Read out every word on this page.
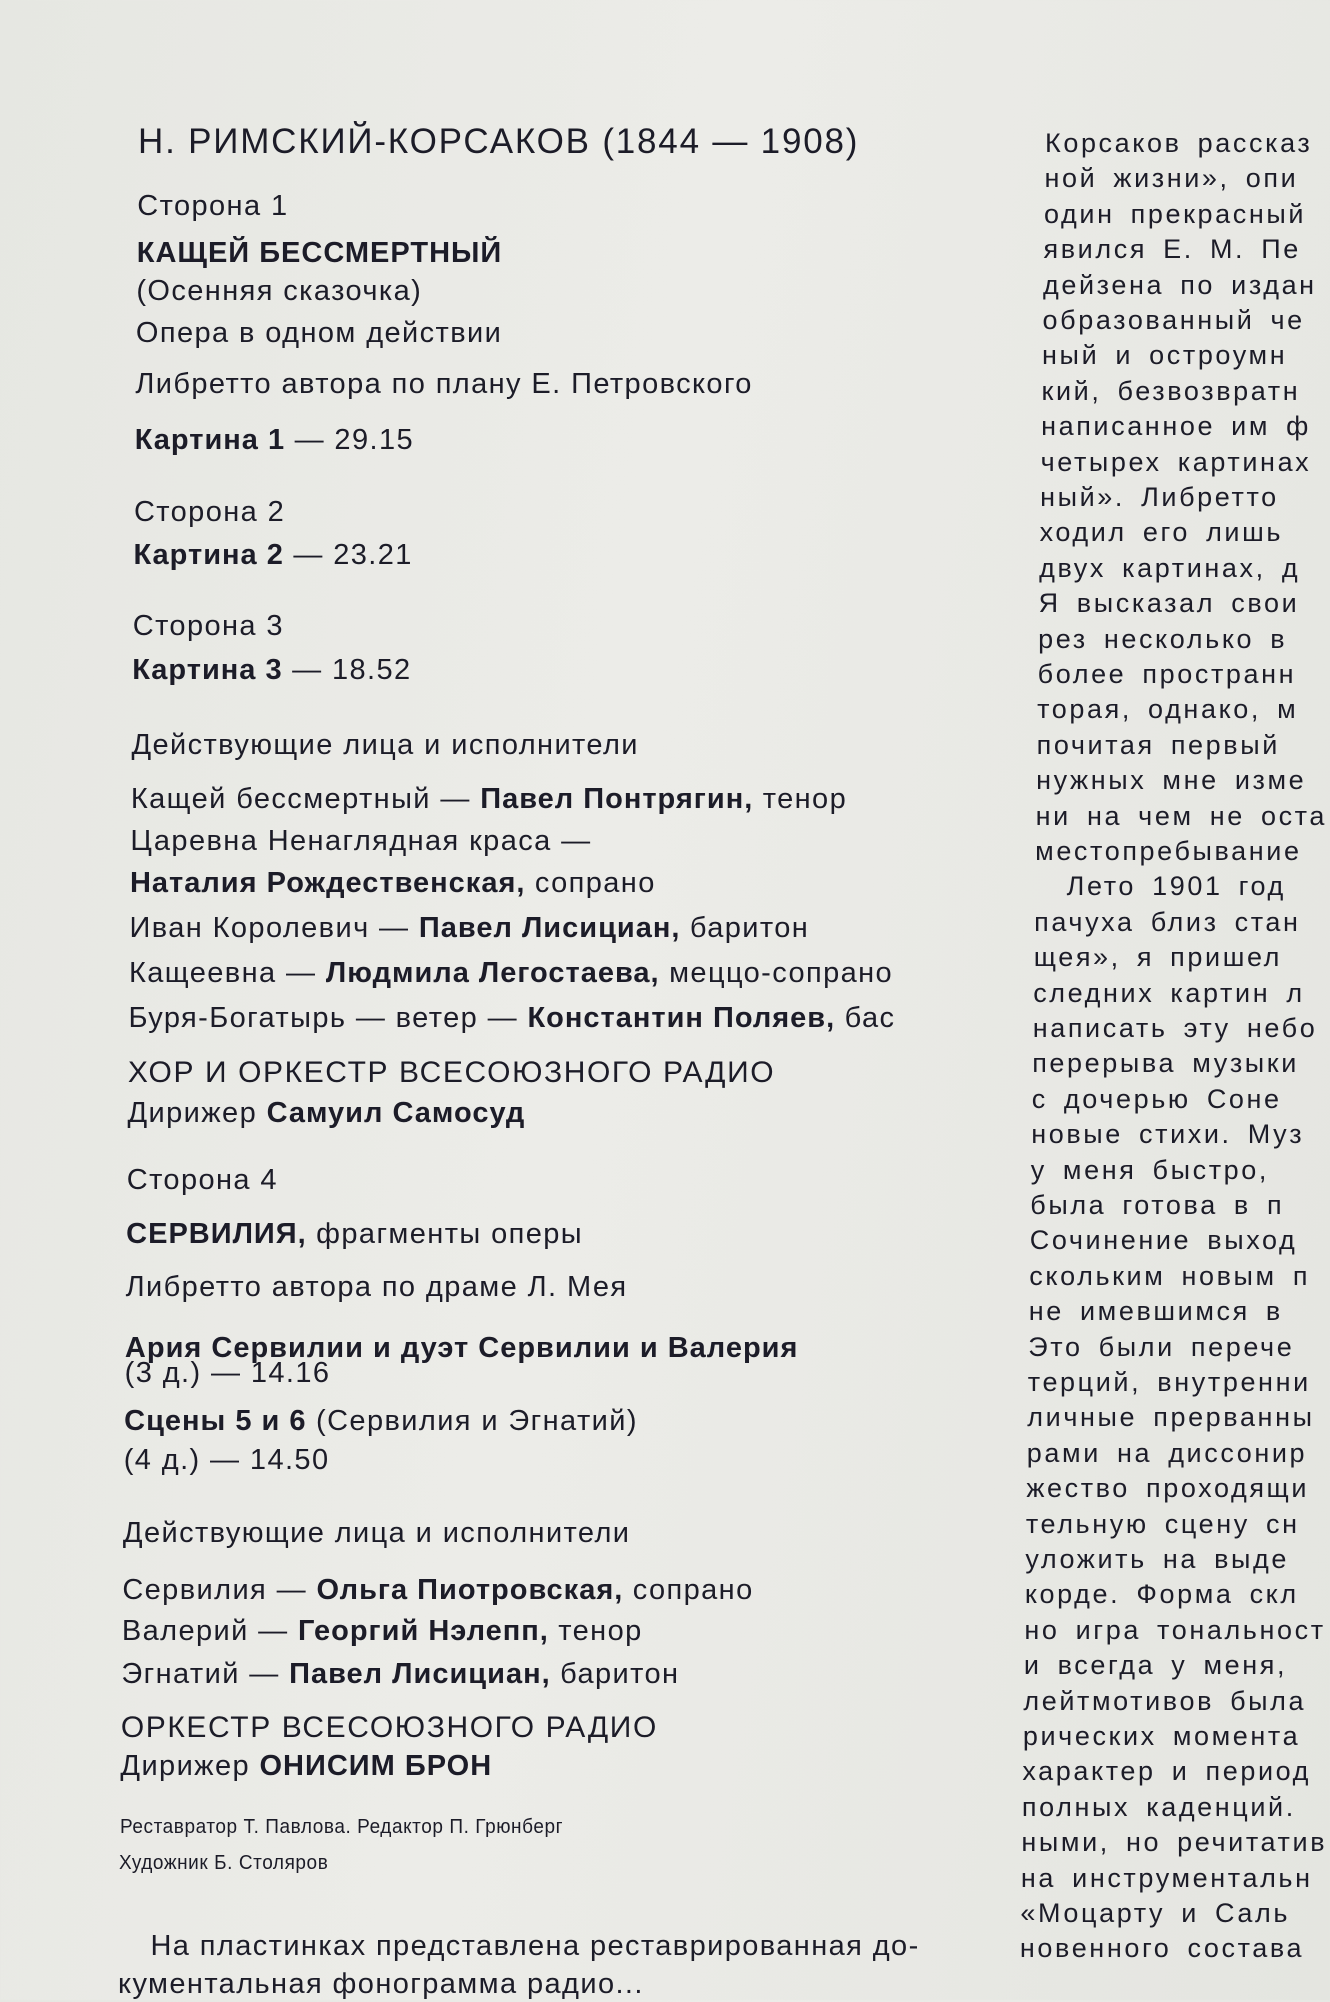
Н. РИМСКИЙ-КОРСАКОВ (1844 — 1908)
Сторона 1
КАЩЕЙ БЕССМЕРТНЫЙ
(Осенняя сказочка)
Опера в одном действии
Либретто автора по плану Е. Петровского
Картина 1 — 29.15
Сторона 2
Картина 2 — 23.21
Сторона 3
Картина 3 — 18.52
Действующие лица и исполнители
Кащей бессмертный — Павел Понтрягин, тенор
Царевна Ненаглядная краса —
Наталия Рождественская, сопрано
Иван Королевич — Павел Лисициан, баритон
Кащеевна — Людмила Легостаева, меццо-сопрано
Буря-Богатырь — ветер — Константин Поляев, бас
ХОР И ОРКЕСТР ВСЕСОЮЗНОГО РАДИО
Дирижер Самуил Самосуд
Сторона 4
СЕРВИЛИЯ, фрагменты оперы
Либретто автора по драме Л. Мея
Ария Сервилии и дуэт Сервилии и Валерия
(3 д.) — 14.16
Сцены 5 и 6 (Сервилия и Эгнатий)
(4 д.) — 14.50
Действующие лица и исполнители
Сервилия — Ольга Пиотровская, сопрано
Валерий — Георгий Нэлепп, тенор
Эгнатий — Павел Лисициан, баритон
ОРКЕСТР ВСЕСОЮЗНОГО РАДИО
Дирижер ОНИСИМ БРОН
Реставратор Т. Павлова. Редактор П. Грюнберг
Художник Б. Столяров
На пластинках представлена реставрированная до-
кументальная фонограмма радио...
Корсаков рассказ
ной жизни», опи
один прекрасный
явился Е. М. Пе
дейзена по издан
образованный че
ный и остроумн
кий, безвозвратн
написанное им ф
четырех картинах
ный». Либретто
ходил его лишь
двух картинах, д
Я высказал свои
рез несколько в
более пространн
торая, однако, м
почитая первый
нужных мне изме
ни на чем не оста
местопребывание
Лето 1901 год
пачуха близ стан
щея», я пришел
следних картин л
написать эту небо
перерыва музыки
с дочерью Соне
новые стихи. Муз
у меня быстро,
была готова в п
Сочинение выход
скольким новым п
не имевшимся в
Это были перече
терций, внутренни
личные прерванны
рами на диссонир
жество проходящи
тельную сцену сн
уложить на выде
корде. Форма скл
но игра тональност
и всегда у меня,
лейтмотивов была
рических момента
характер и период
полных каденций.
ными, но речитатив
на инструментальн
«Моцарту и Саль
новенного состава
